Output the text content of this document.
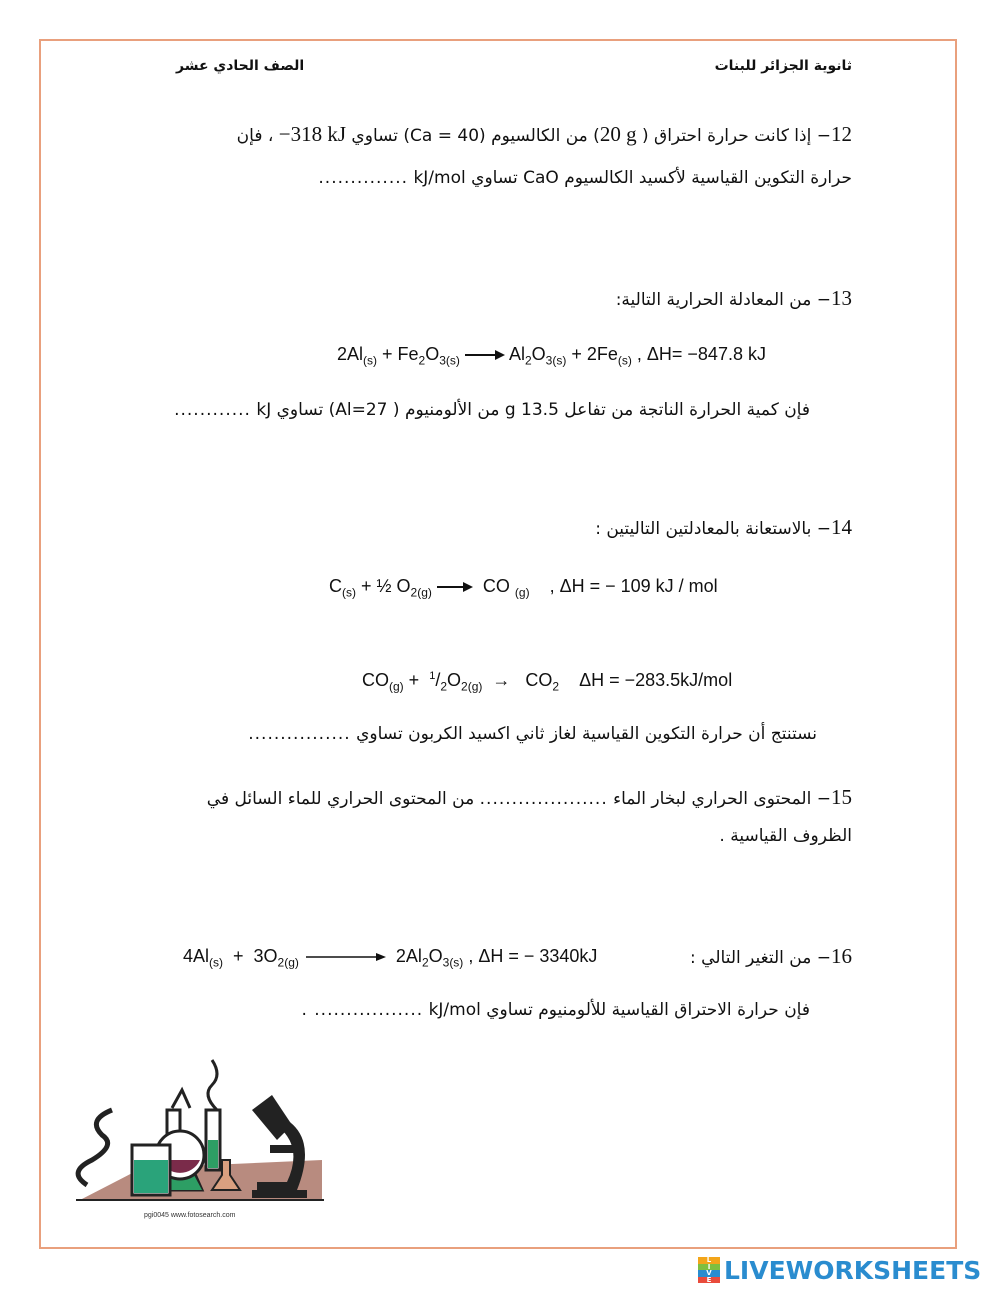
ثانوية الجزائر للبنات
الصف الحادي عشر
12− إذا كانت حرارة احتراق ( 20 g) من الكالسيوم (Ca = 40) تساوي −318 kJ ، فإن
حرارة التكوين القياسية لأكسيد الكالسيوم CaO تساوي kJ/mol ..............
13− من المعادلة الحرارية التالية:
$2Al_{(s)} + Fe_2O_{3(s)} \to Al_2O_{3(s)} + 2Fe_{(s)}$ , ΔH= −847.8 kJ
فإن كمية الحرارة الناتجة من تفاعل g 13.5 من الألومنيوم ( Al=27) تساوي kJ ............
14− بالاستعانة بالمعادلتين التاليتين :
$C_{(s)}$ + ½ $O_{2(g)}$ → CO $_{(g)}$    , ΔH = − 109 kJ / mol
$CO_{(g)} + ^1/_2O_{2(g)} \to CO_2$ ΔH = −283.5kJ/mol
نستنتج أن حرارة التكوين القياسية لغاز ثاني اكسيد الكربون تساوي ................
15− المحتوى الحراري لبخار الماء .................... من المحتوى الحراري للماء السائل في
الظروف القياسية .
16− من التغير التالي :
$4Al_{(s)} + 3O_{2(g)}$	$2Al_2O_{3(s)}$ , ΔH = − 3340kJ
فإن حرارة الاحتراق القياسية للألومنيوم تساوي kJ/mol ................. .
pgi0045 www.fotosearch.com
L
I
V
E LIVEWORKSHEETS
